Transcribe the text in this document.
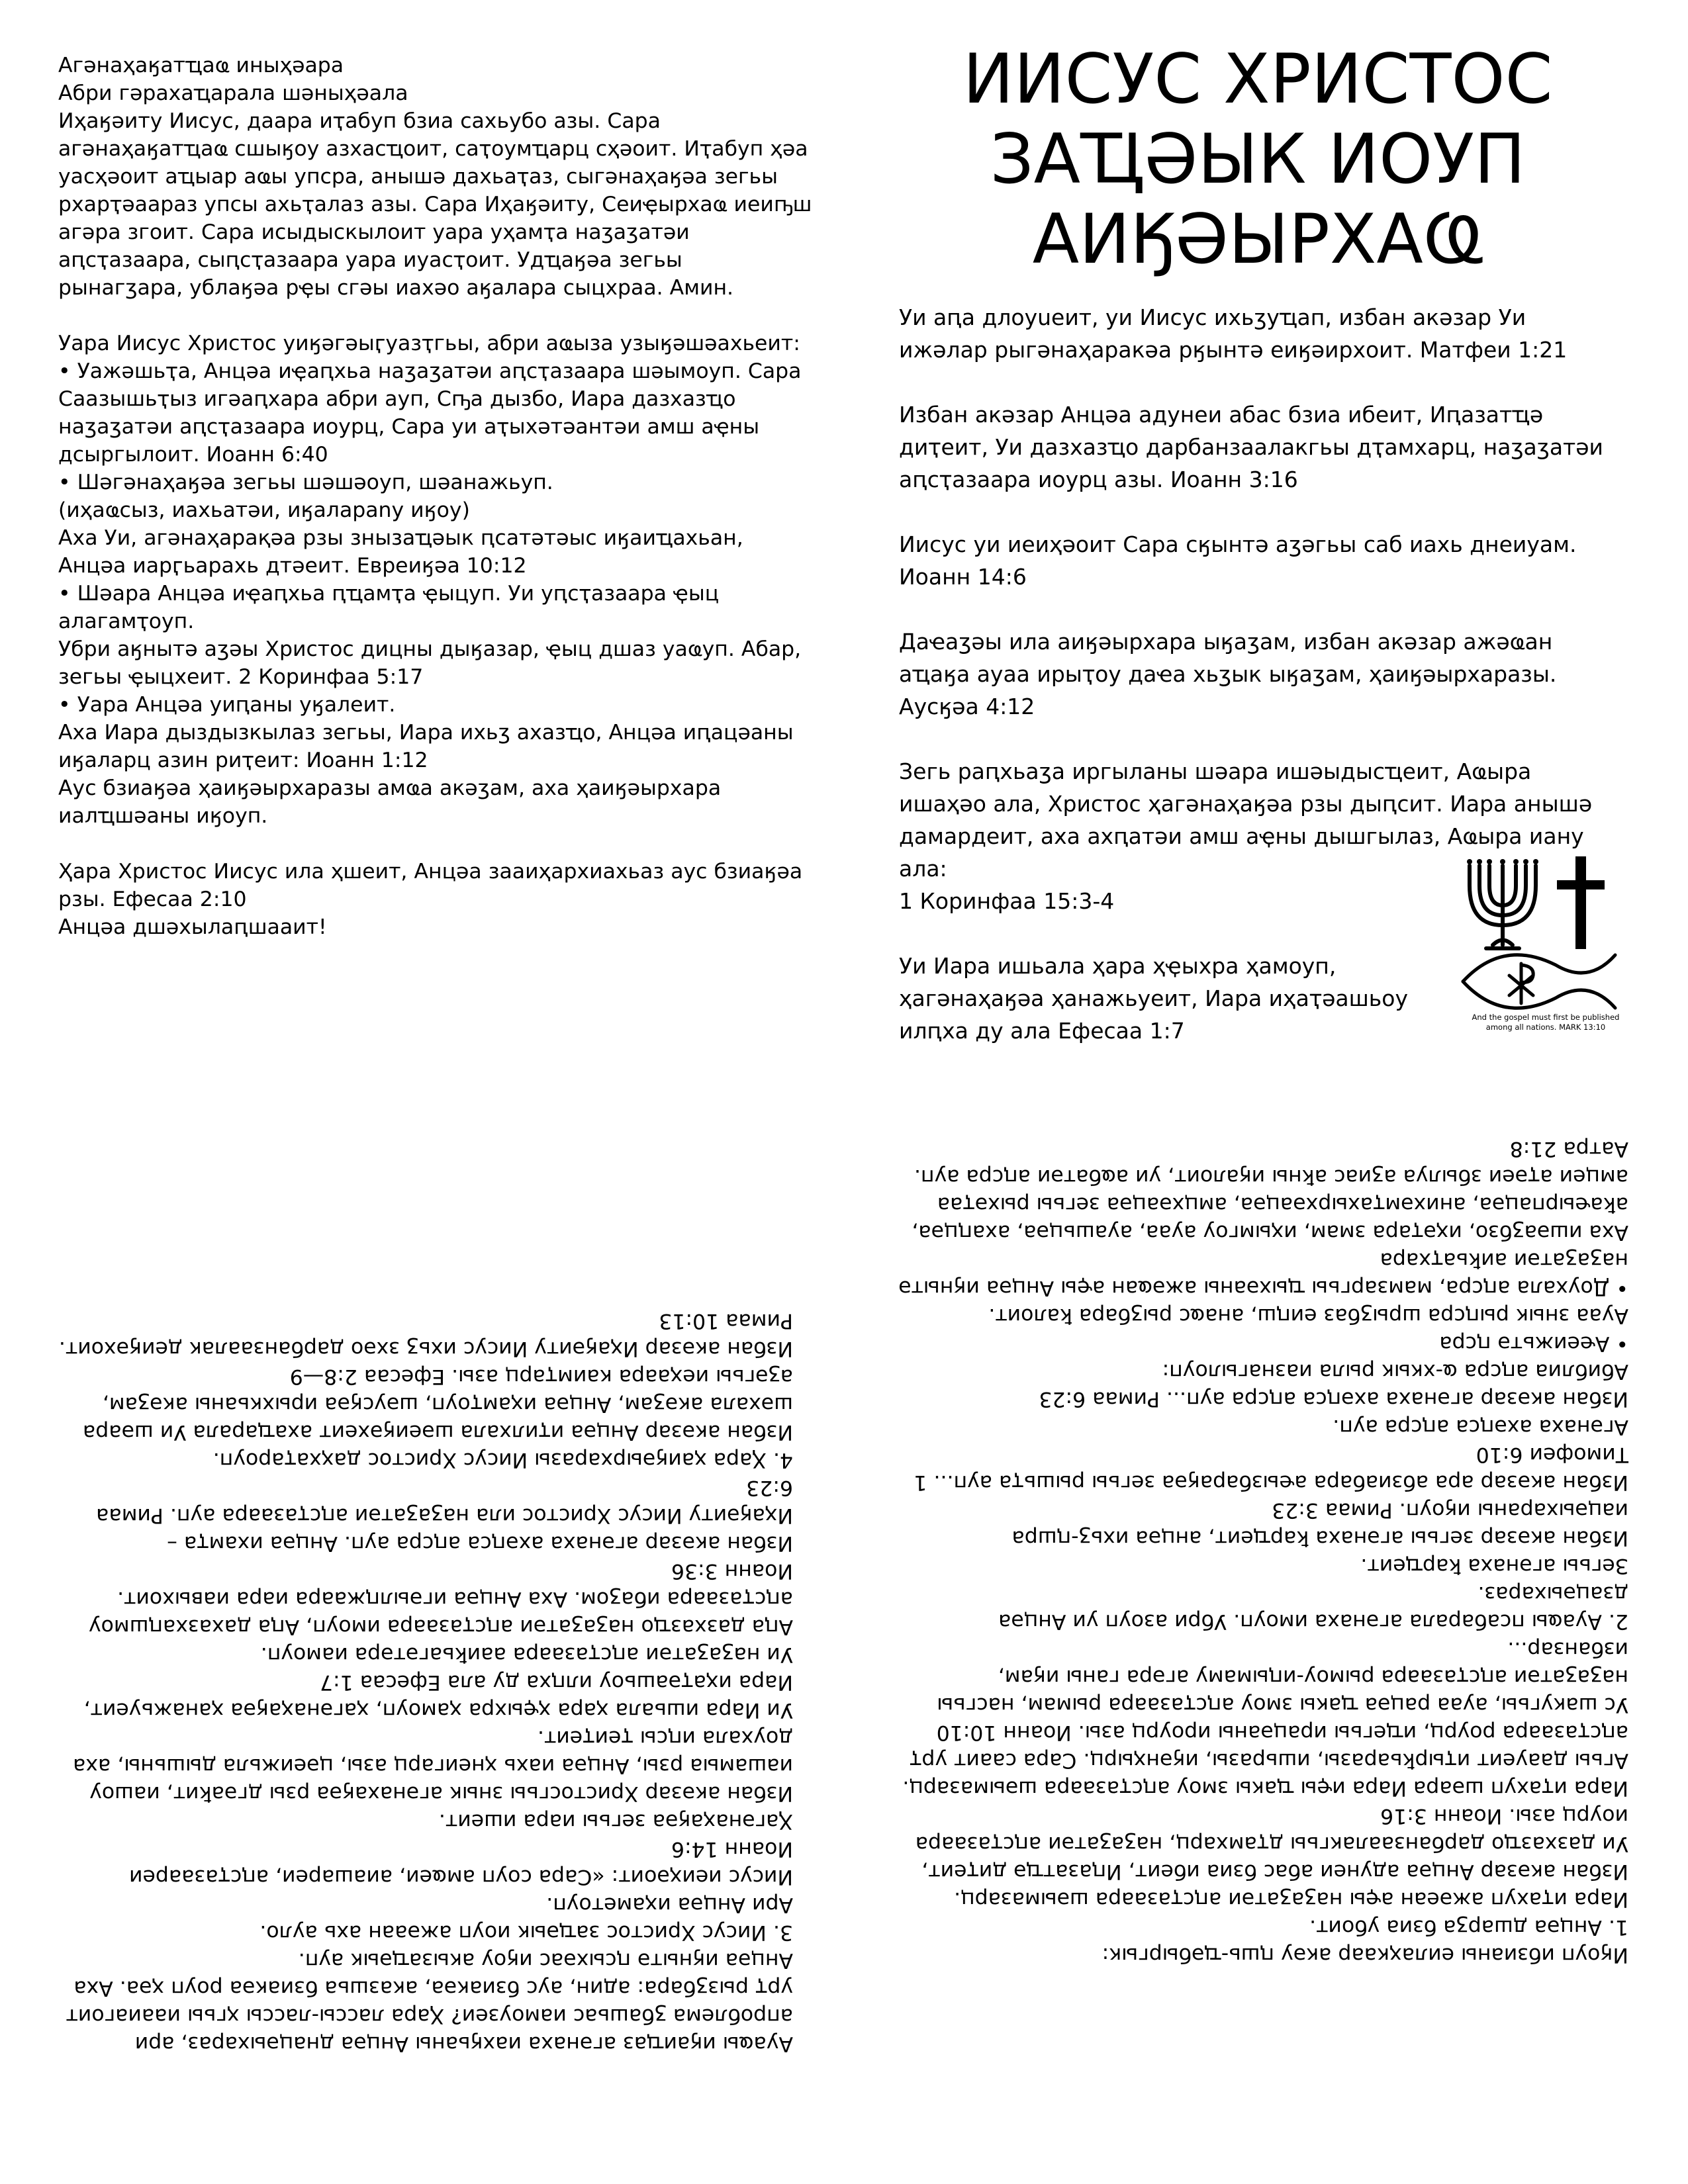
Агәнаҳаӄатҵаҩ иныҳәара
Абри гәрахаҵарала шәныҳәала
Иҳаӄәиту Иисус, даара иҭабуп бзиа сахьубо азы. Сара агәнаҳаӄатҵаҩ сшыӄоу азхасҵоит, саҭоумҵарц сҳәоит. Иҭабуп ҳәа уасҳәоит аҵыар аҩы упсра, анышә дахьаҭаз, сыгәнаҳаӄәа зегьы рхарҭәаараз упсы ахьҭалаз азы. Сара Иҳаӄәиту, Сеиҿырхаҩ иеиҧш агәра згоит. Сара исыдыскылоит уара уҳамҭа наӡаӡатәи аԥсҭазаара, сыԥсҭазаара уара иуасҭоит. Удҵаӄәа зегьы рынагӡара, ублаӄәа рҿы сгәы иахәо аӄалара сыцхраа. Амин.

Уара Иисус Христос уиӄәгәыӷуазҭгьы, абри аҩыза узыӄәшәахьеит:
• Уажәшьҭа, Анцәа иҿаԥхьа наӡаӡатәи аԥсҭазаара шәымоуп. Сара Саазышьҭыз игәаԥхара абри ауп, Сҧа дызбо, Иара дазхазҵо наӡаӡатәи аԥсҭазаара иоурц, Сара уи аҭыхәтәантәи амш аҿны дсыргылоит. Иоанн 6:40
• Шәгәнаҳаӄәа зегьы шәшәоуп, шәанажьуп.
(иҳаҩсыз, иахьатәи, иӄаларany иӄоу)
Аха Уи, агәнаҳарақәа рзы знызаҵәык ԥсатәтәыс иӄаиҵахьан, Анцәа иарӷьарахь дтәеит. Евреиӄәа 10:12
• Шәара Анцәа иҿаԥхьа ԥҵамҭа ҿыцуп. Уи уԥсҭазаара ҿыц алагамҭоуп.
Убри аӄнытә аӡәы Христос дицны дыӄазар, ҿыц дшаз уаҩуп. Абар, зегьы ҿыцхеит. 2 Коринфаа 5:17
• Уара Анцәа уиԥаны уӄалеит.
Аха Иара дыздызкылаз зегьы, Иара ихьӡ ахазҵо, Анцәа иԥацәаны иӄаларц азин риҭеит: Иоанн 1:12
Аус бзиаӄәа ҳаиӄәырхаразы амҩа акәӡам, аха ҳаиӄәырхара иалҵшәаны иӄоуп.

Ҳара Христос Иисус ила ҳшеит, Анцәа зааиҳархиахьаз аус бзиаӄәа рзы. Ефесаа 2:10
Анцәа дшәхылаԥшааит!

ИИСУС ХРИСТОС ЗАҴӘЫК ИОУП АИӃӘЫРХАҨ

Уи аԥа длоуueит, уи Иисус ихьӡуҵап, избан акәзар Уи ижәлар рыгәнаҳаракәа рӄынтә еиӄәирхоит. Матфеи 1:21

Избан акәзар Анцәа адунеи абас бзиа ибеит, Иԥазатҵә диҭеит, Уи дазхазҵо дарбанзаалакгьы дҭамхарц, наӡаӡатәи аԥсҭазаара иоурц азы. Иоанн 3:16

Иисус уи иеиҳәоит Сара сӄынтә аӡәгьы саб иахь днеиуам. Иоанн 14:6

Даҽаӡәы ила аиӄәырхара ыӄаӡам, избан акәзар ажәҩан аҵаӄа ауаа ирыҭоу даҽа хьӡык ыӄаӡам, ҳаиӄәырхаразы. Аусӄәа 4:12

Зегь раԥхьаӡа иргыланы шәара ишәыдысҵеит, Аҩыра ишаҳәо ала, Христос ҳагәнаҳаӄәа рзы дыԥсит. Иара анышә дамардеит, аха ахԥатәи амш аҿны дышгылаз, Аҩыра иану ала:
1 Коринфаа 15:3-4

Уи Иара ишьала ҳара ҳҿыхра ҳамоуп, ҳагәнаҳаӄәа ҳанажьуеит, Иара иҳаҭәашьоу илԥха ду ала Ефесаа 1:7

And the gospel must first be published
among all nations. MARK 13:10

Ауаҩы иӄаиҵаз агәнаха иахӄьаны Анцәа днацәыхараз, ари апроблема ӡбашьас иамоузеи? Ҳара лассы-лассы ҳгьы иааиагоит урҭ рызӡбара: адин, аус бзиакәа, аказшьа бзиакәа роуп ҳәа. Аха Анцәа иӄнытә ԥсыхәас иӄоу акызаҵәык ауп.
3. Иисус Христос заҵәык иоуп ажәаан ахь ауло.
Ари Анцәа иҳаметоуп.
Иисус иеиҳәоит: «Сара соуп амҩеи, аиашареи, аԥсҭазаареи Иоанн 14:6
Ҳагәнаҳаӄәа зегьы иара ишеит.
Избан акәзар Христосгьы знык агәнахаӄәа рзы дгәаҟит, иашоу иашамыа рзы, Анцәа иахь ҳнеигарц азы, цәеижьла дышьны, аха доухала иԥсы ҭеиҭеит.
Уи Иара ишьала ҳара ҳҿыхра ҳамоуп, ҳагәнаҳаӄәа ҳанажьуеит, Иара иҳаҭәашьоу илԥха ду ала Ефесаа 1:7
Уи наӡаӡатәи аԥсҭазаара ааиҟьагәтәра иамоуп.
Аԥа дазхазҵо наӡаӡатәи аԥсҭазаара имоуп, Аԥа дахазхаԥшмоу аԥсҭазаара ибаӡом. Аха Анцәа игәылԥжаара иара иавыхоит. Иоанн 3:36
Избан акәзар агәнаха ахәԥса аԥсра ауп. Анцәа ихамҭа – Иҳаӄәиту Иисус Христос ила наӡаӡатәи аԥсҭазаара ауп. Римаа 6:23
4. Ҳара ҳаиӄәырхаразы Иисус Христос даҳхаҭароуп.
Избан акәзар Анцәа иҭилхала шәеиӄәхеит ахаҵарала Уи шәара шәхала акәӡам, Анцәа иҳамҭоуп, шәусӄәа ирыхкьаны акәӡам, аӡәгьы иеҳаара каимҭарц азы. Ефесаа 2:8—9
Избан акәзар Иҳаӄәиту Иисус ихьӡ зхәо дарбанзаалак деиӄәхоит. Римаа 10:13

Иӄоуп ибзианы еилаҳкаар акәу ԥшь-ҵәбыргык:
1. Анцәа дшарӡа бзиа убоит.
Иара иҭахуп ажәеан аҿы наӡаӡатәи аԥсҭазаара шәымазарц.
Избан акәзар Анцәа адунеи абас бзиа ибеит, Иԥазатҵә диҭеит, Уи дазхазҵо дарбанзаалакгьы дҭамхарц, наӡаӡатәи аԥсҭазаара иоурц азы. Иоанн 3:16
Иара иҭахуп шәара Иара иҿы ҵакы змоу аԥсҭазаара шәымазарц.
Агьы даауеит иҭырҟьаразы, ишьразы, иӄәнҳырц. Сара сааит урҭ аԥсҭазаара роурц, иҵегьы ирацәаны ироурц азы. Иоанн 10:10
Ус шакугьы, ауаа рацәа ҵакы змоу аԥсҭазаара рымам, насгьы наӡаӡатәи аԥсҭазаара рымоу-иԥымаму агәра ганы иӄам, избанзар...
2. Ауаҩы псабарала агәнаха имоуп. Убри азоуп уи Анцәа дзацәыхараз.
Зегьы агәнаха ҟарҵеит.
Избан акәзар зегьы агәнаха ҟарҵеит, анцәа ихьӡ-ԥшра иацәыхараны иӄоуп. Римаа 3:23
Избан акәзар ара абзиабара аҽызбараӄәа зегьы рышьҭа ауп... 1 Тимофеи 6:10
Агәнаха ахәԥса аԥсра ауп.
Избан акәзар агәнаха ахәԥса аԥсра ауп... Римаа 6:23
Абиблиа аԥсра ҩ-хкык рыла иазнагылоуп:
• Аҽеижьтә ԥсра
Ауаа знык рыԥсра шрыӡбаз еиԥш, анаҩс рыӡбара ҟалоит.
• Доухала аԥсра, мамзаргьы ҵыхәаны ажәҩан аҿы Анцәа иӄнытә наӡаӡатәи аиҟьаҭхара
Аха ишәаӡбзо, иҳәҭара змам, иҳымгоу ауаа, ауашьцәа, ахаԥцәа, аҟаҽырпацәа, анихәмҭахырхәацәа, амцхәацәа зегьы рыхәҭаа амцеи аҭәеи збылуа аӡиас аҟны иӄалоит, уи аҩбатәи аԥсра ауп. Аатра 21:8
